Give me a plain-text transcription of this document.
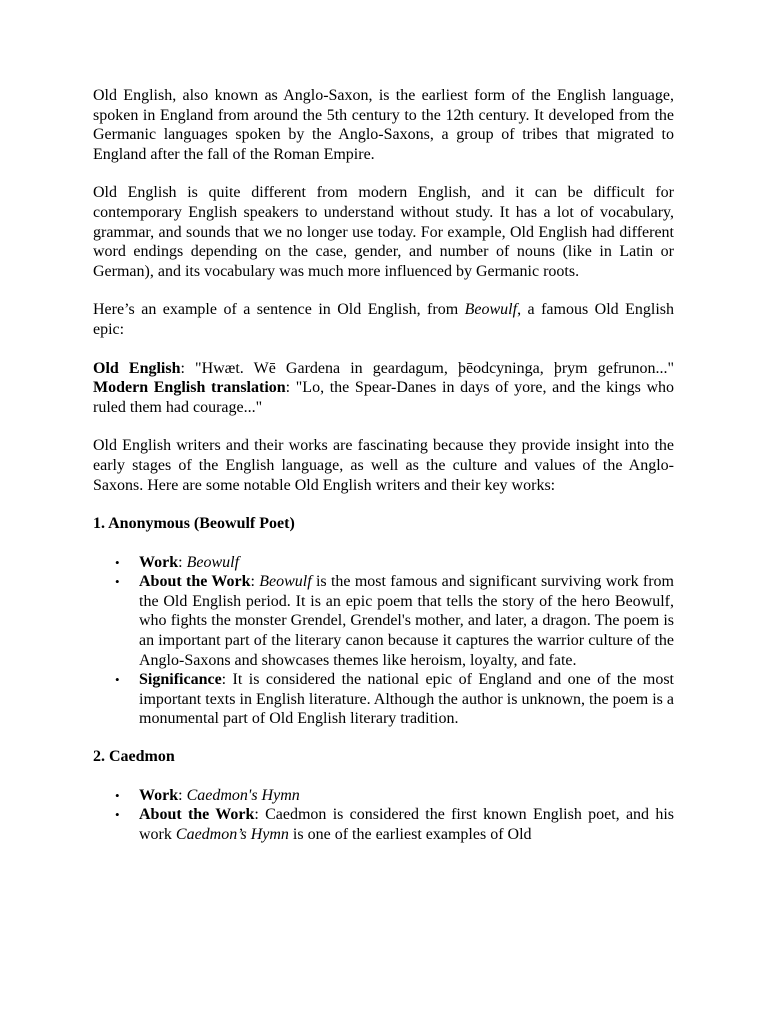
Old English, also known as Anglo-Saxon, is the earliest form of the English language, spoken in England from around the 5th century to the 12th century. It developed from the Germanic languages spoken by the Anglo-Saxons, a group of tribes that migrated to England after the fall of the Roman Empire.

Old English is quite different from modern English, and it can be difficult for contemporary English speakers to understand without study. It has a lot of vocabulary, grammar, and sounds that we no longer use today. For example, Old English had different word endings depending on the case, gender, and number of nouns (like in Latin or German), and its vocabulary was much more influenced by Germanic roots.

Here’s an example of a sentence in Old English, from Beowulf, a famous Old English epic:

Old English: "Hwæt. Wē Gardena in geardagum, þēodcyninga, þrym gefrunon..." Modern English translation: "Lo, the Spear-Danes in days of yore, and the kings who ruled them had courage..."

Old English writers and their works are fascinating because they provide insight into the early stages of the English language, as well as the culture and values of the Anglo-Saxons. Here are some notable Old English writers and their key works:

1. Anonymous (Beowulf Poet)

• Work: Beowulf
• About the Work: Beowulf is the most famous and significant surviving work from the Old English period. It is an epic poem that tells the story of the hero Beowulf, who fights the monster Grendel, Grendel's mother, and later, a dragon. The poem is an important part of the literary canon because it captures the warrior culture of the Anglo-Saxons and showcases themes like heroism, loyalty, and fate.
• Significance: It is considered the national epic of England and one of the most important texts in English literature. Although the author is unknown, the poem is a monumental part of Old English literary tradition.

2. Caedmon

• Work: Caedmon's Hymn
• About the Work: Caedmon is considered the first known English poet, and his work Caedmon’s Hymn is one of the earliest examples of Old
